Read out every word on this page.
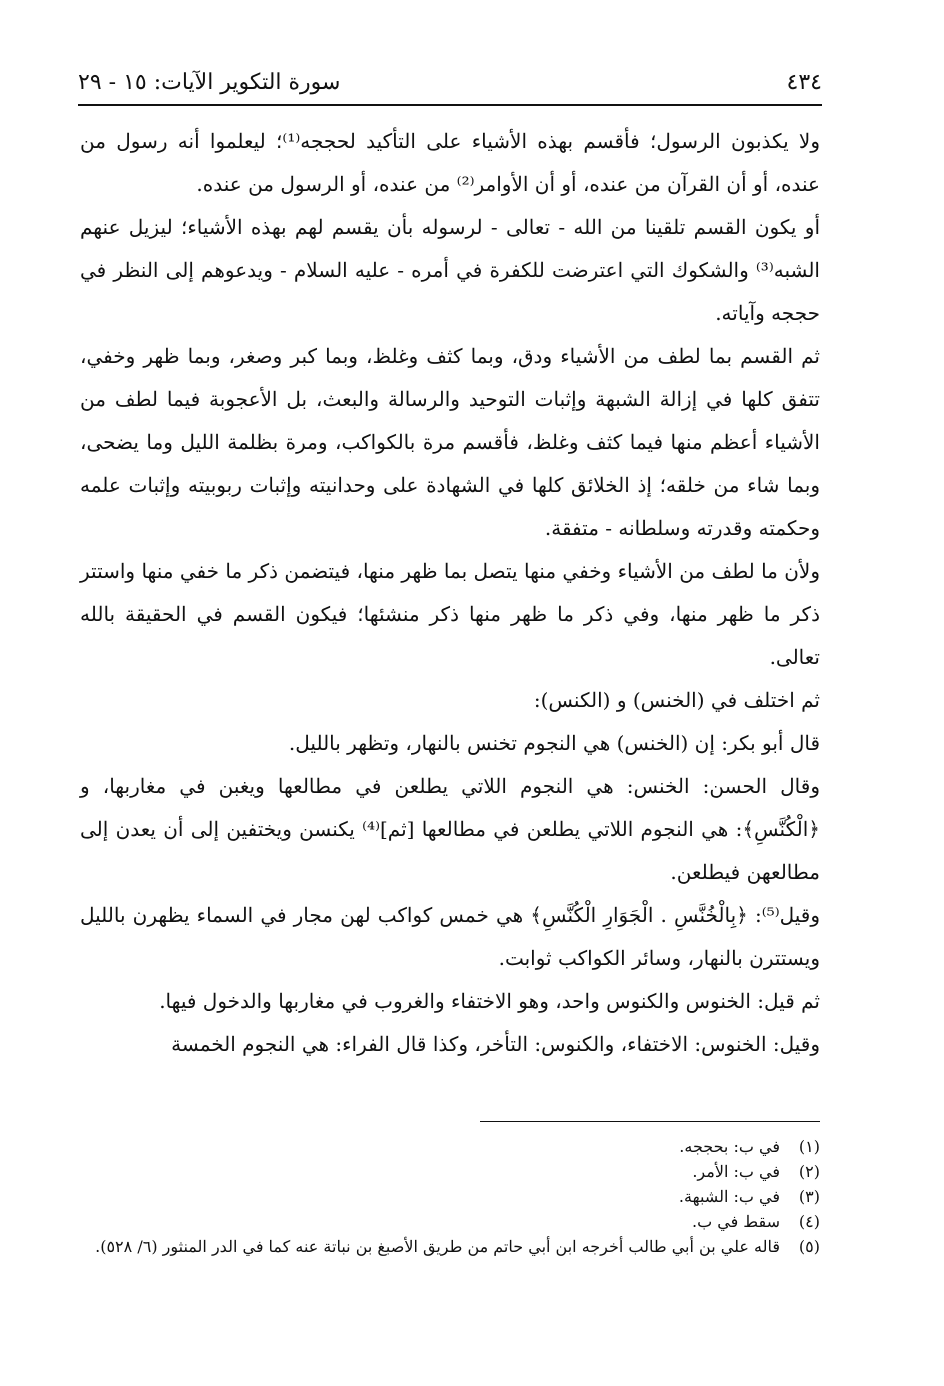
٤٣٤
سورة التكوير الآيات: ١٥ - ٢٩

ولا يكذبون الرسول؛ فأقسم بهذه الأشياء على التأكيد لحججه⁽¹⁾؛ ليعلموا أنه رسول من عنده، أو أن القرآن من عنده، أو أن الأوامر⁽²⁾ من عنده، أو الرسول من عنده.

أو يكون القسم تلقينا من الله - تعالى - لرسوله بأن يقسم لهم بهذه الأشياء؛ ليزيل عنهم الشبه⁽³⁾ والشكوك التي اعترضت للكفرة في أمره - عليه السلام - ويدعوهم إلى النظر في حججه وآياته.

ثم القسم بما لطف من الأشياء ودق، وبما كثف وغلظ، وبما كبر وصغر، وبما ظهر وخفي، تتفق كلها في إزالة الشبهة وإثبات التوحيد والرسالة والبعث، بل الأعجوبة فيما لطف من الأشياء أعظم منها فيما كثف وغلظ، فأقسم مرة بالكواكب، ومرة بظلمة الليل وما يضحى، وبما شاء من خلقه؛ إذ الخلائق كلها في الشهادة على وحدانيته وإثبات ربوبيته وإثبات علمه وحكمته وقدرته وسلطانه - متفقة.

ولأن ما لطف من الأشياء وخفي منها يتصل بما ظهر منها، فيتضمن ذكر ما خفي منها واستتر ذكر ما ظهر منها، وفي ذكر ما ظهر منها ذكر منشئها؛ فيكون القسم في الحقيقة بالله تعالى.

ثم اختلف في (الخنس) و (الكنس):

قال أبو بكر: إن (الخنس) هي النجوم تخنس بالنهار، وتظهر بالليل.

وقال الحسن: الخنس: هي النجوم اللاتي يطلعن في مطالعها ويغبن في مغاربها، و ﴿الْكُنَّسِ﴾: هي النجوم اللاتي يطلعن في مطالعها [ثم]⁽⁴⁾ يكنسن ويختفين إلى أن يعدن إلى مطالعهن فيطلعن.

وقيل⁽⁵⁾: ﴿بِالْخُنَّسِ . الْجَوَارِ الْكُنَّسِ﴾ هي خمس كواكب لهن مجار في السماء يظهرن بالليل ويستترن بالنهار، وسائر الكواكب ثوابت.

ثم قيل: الخنوس والكنوس واحد، وهو الاختفاء والغروب في مغاربها والدخول فيها.

وقيل: الخنوس: الاختفاء، والكنوس: التأخر، وكذا قال الفراء: هي النجوم الخمسة

(١)
في ب: بحججه.
(٢)
في ب: الأمر.
(٣)
في ب: الشبهة.
(٤)
سقط في ب.
(٥)
قاله علي بن أبي طالب أخرجه ابن أبي حاتم من طريق الأصبغ بن نباتة عنه كما في الدر المنثور (٦/ ٥٢٨).
